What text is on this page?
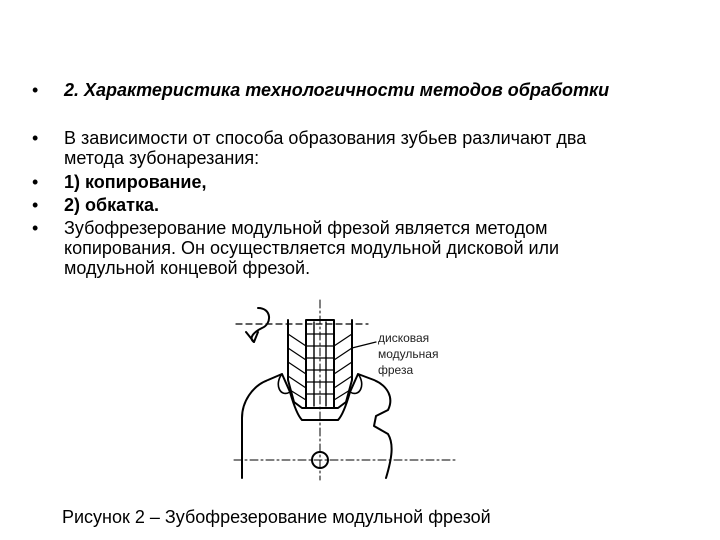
• 2. Характеристика технологичности методов обработки
• В зависимости от способа образования зубьев различают два
метода зубонарезания:
• 1) копирование,
• 2) обкатка.
• Зубофрезерование модульной фрезой является методом
копирования. Он осуществляется модульной дисковой или
модульной концевой фрезой.
дисковая
модульная
фреза
Рисунок 2 – Зубофрезерование модульной фрезой
